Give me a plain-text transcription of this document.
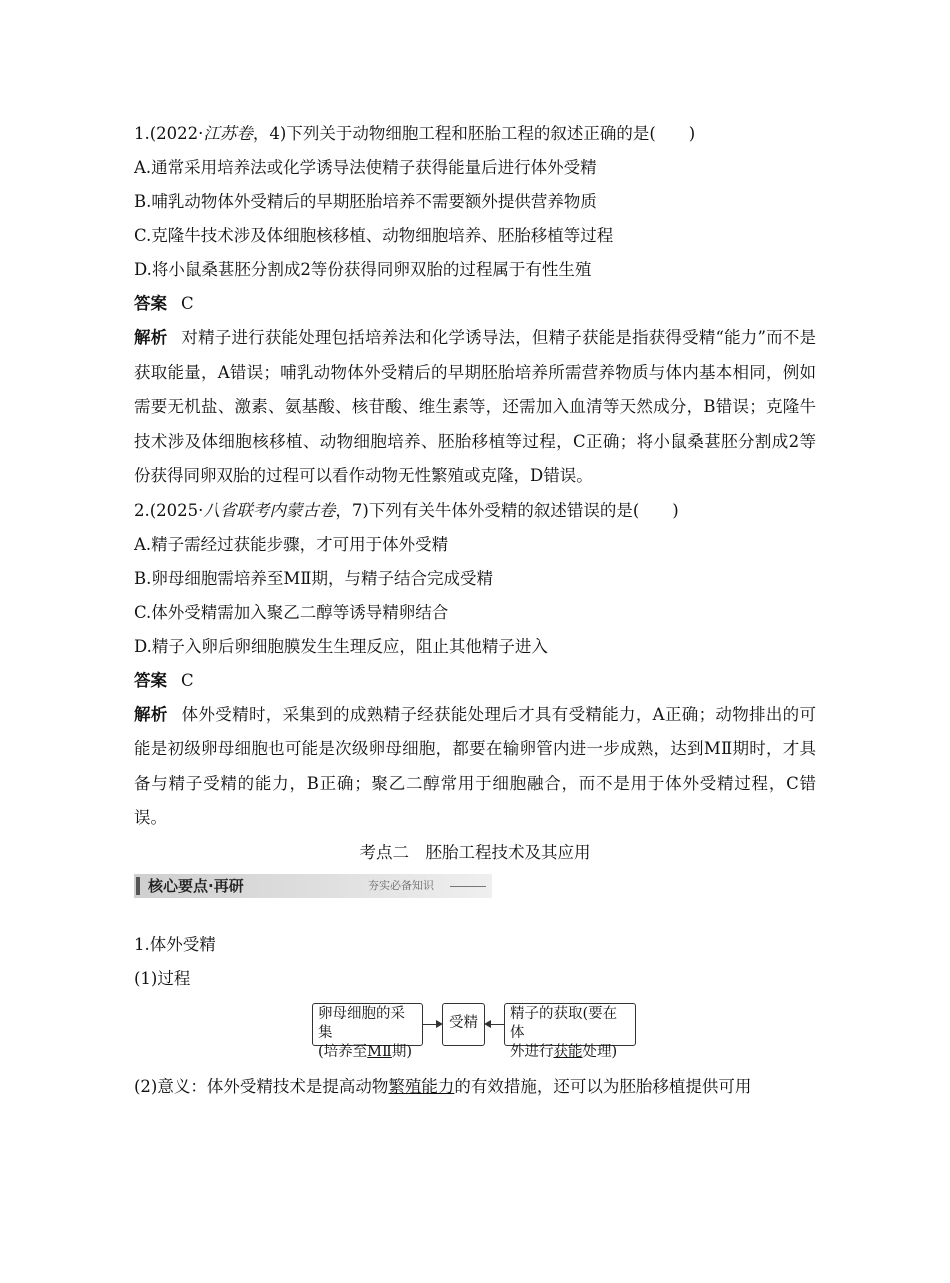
1.(2022·江苏卷，4)下列关于动物细胞工程和胚胎工程的叙述正确的是(　　)
A.通常采用培养法或化学诱导法使精子获得能量后进行体外受精
B.哺乳动物体外受精后的早期胚胎培养不需要额外提供营养物质
C.克隆牛技术涉及体细胞核移植、动物细胞培养、胚胎移植等过程
D.将小鼠桑葚胚分割成2等份获得同卵双胎的过程属于有性生殖
答案 C
解析 对精子进行获能处理包括培养法和化学诱导法，但精子获能是指获得受精“能力”而不是获取能量，A错误；哺乳动物体外受精后的早期胚胎培养所需营养物质与体内基本相同，例如需要无机盐、激素、氨基酸、核苷酸、维生素等，还需加入血清等天然成分，B错误；克隆牛技术涉及体细胞核移植、动物细胞培养、胚胎移植等过程，C正确；将小鼠桑葚胚分割成2等份获得同卵双胎的过程可以看作动物无性繁殖或克隆，D错误。
2.(2025·八省联考内蒙古卷，7)下列有关牛体外受精的叙述错误的是(　　)
A.精子需经过获能步骤，才可用于体外受精
B.卵母细胞需培养至MⅡ期，与精子结合完成受精
C.体外受精需加入聚乙二醇等诱导精卵结合
D.精子入卵后卵细胞膜发生生理反应，阻止其他精子进入
答案 C
解析 体外受精时，采集到的成熟精子经获能处理后才具有受精能力，A正确；动物排出的可能是初级卵母细胞也可能是次级卵母细胞，都要在输卵管内进一步成熟，达到MⅡ期时，才具备与精子受精的能力，B正确；聚乙二醇常用于细胞融合，而不是用于体外受精过程，C错误。
考点二　胚胎工程技术及其应用
核心要点·再研	夯实必备知识
1.体外受精
(1)过程
卵母细胞的采集
(培养至MⅡ期)
受精
精子的获取(要在体
外进行获能处理)
(2)意义：体外受精技术是提高动物繁殖能力的有效措施，还可以为胚胎移植提供可用
